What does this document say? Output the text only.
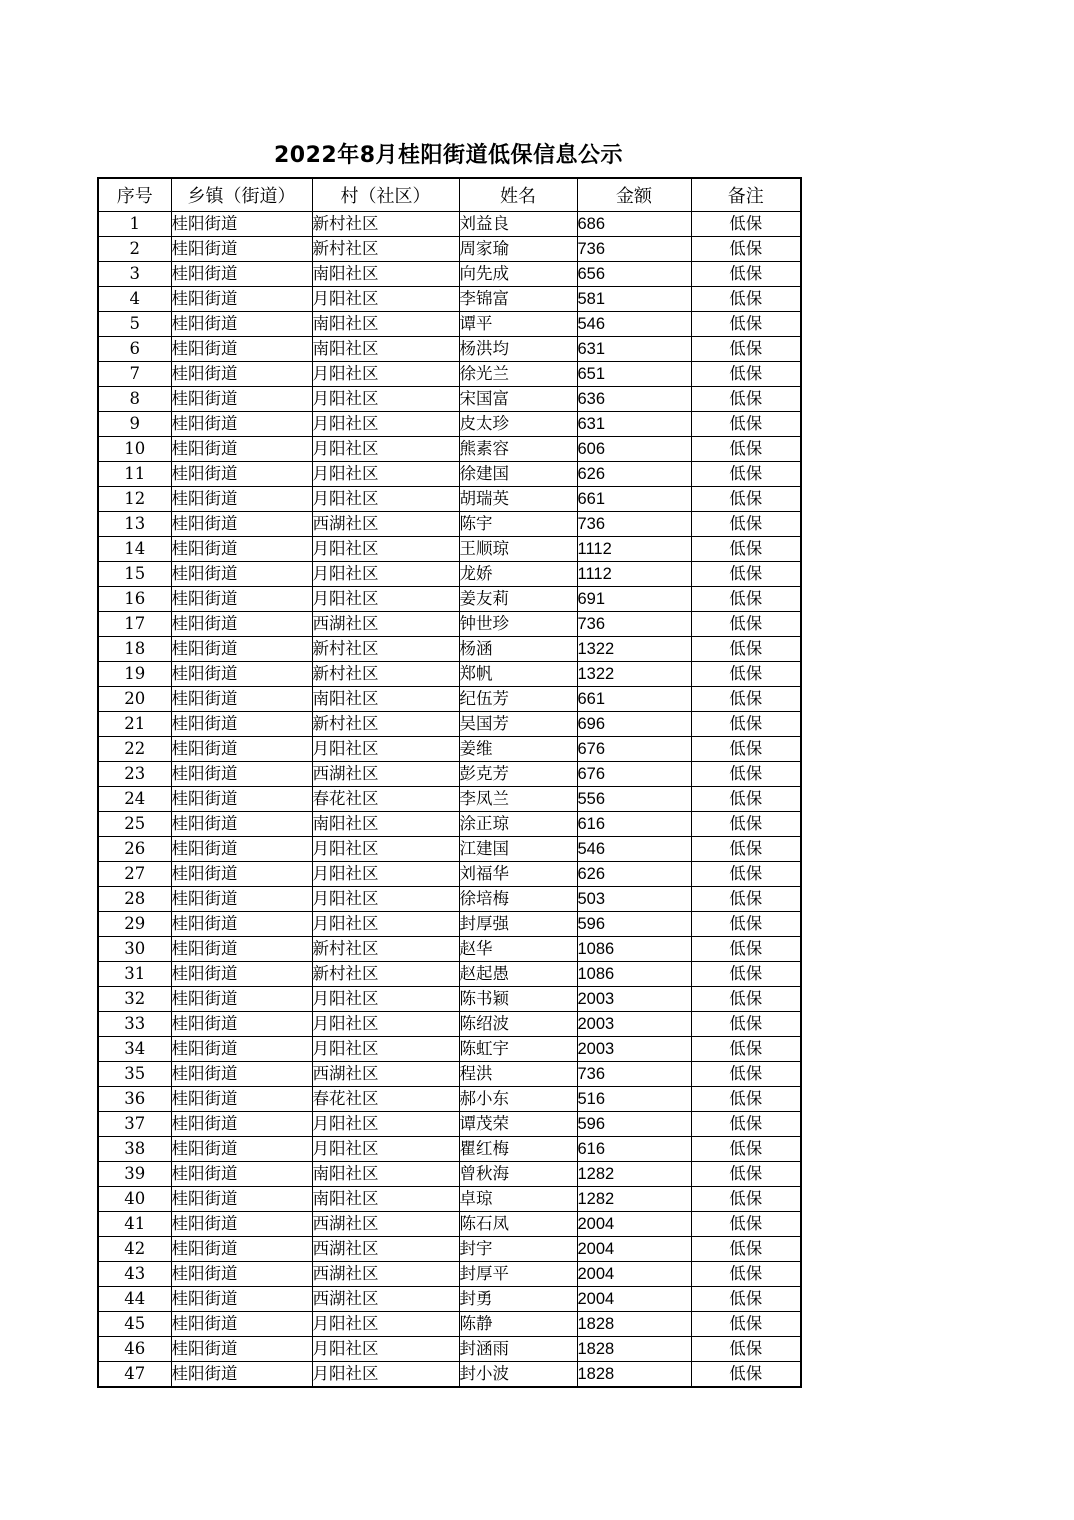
2022年8月桂阳街道低保信息公示
序号	乡镇（街道）	村（社区）	姓名	金额	备注
1	桂阳街道	新村社区	刘益良	686	低保
2	桂阳街道	新村社区	周家瑜	736	低保
3	桂阳街道	南阳社区	向先成	656	低保
4	桂阳街道	月阳社区	李锦富	581	低保
5	桂阳街道	南阳社区	谭平	546	低保
6	桂阳街道	南阳社区	杨洪均	631	低保
7	桂阳街道	月阳社区	徐光兰	651	低保
8	桂阳街道	月阳社区	宋国富	636	低保
9	桂阳街道	月阳社区	皮太珍	631	低保
10	桂阳街道	月阳社区	熊素容	606	低保
11	桂阳街道	月阳社区	徐建国	626	低保
12	桂阳街道	月阳社区	胡瑞英	661	低保
13	桂阳街道	西湖社区	陈宇	736	低保
14	桂阳街道	月阳社区	王顺琼	1112	低保
15	桂阳街道	月阳社区	龙娇	1112	低保
16	桂阳街道	月阳社区	姜友莉	691	低保
17	桂阳街道	西湖社区	钟世珍	736	低保
18	桂阳街道	新村社区	杨涵	1322	低保
19	桂阳街道	新村社区	郑帆	1322	低保
20	桂阳街道	南阳社区	纪伍芳	661	低保
21	桂阳街道	新村社区	吴国芳	696	低保
22	桂阳街道	月阳社区	姜维	676	低保
23	桂阳街道	西湖社区	彭克芳	676	低保
24	桂阳街道	春花社区	李凤兰	556	低保
25	桂阳街道	南阳社区	涂正琼	616	低保
26	桂阳街道	月阳社区	江建国	546	低保
27	桂阳街道	月阳社区	刘福华	626	低保
28	桂阳街道	月阳社区	徐培梅	503	低保
29	桂阳街道	月阳社区	封厚强	596	低保
30	桂阳街道	新村社区	赵华	1086	低保
31	桂阳街道	新村社区	赵起愚	1086	低保
32	桂阳街道	月阳社区	陈书颖	2003	低保
33	桂阳街道	月阳社区	陈绍波	2003	低保
34	桂阳街道	月阳社区	陈虹宇	2003	低保
35	桂阳街道	西湖社区	程洪	736	低保
36	桂阳街道	春花社区	郝小东	516	低保
37	桂阳街道	月阳社区	谭茂荣	596	低保
38	桂阳街道	月阳社区	瞿红梅	616	低保
39	桂阳街道	南阳社区	曾秋海	1282	低保
40	桂阳街道	南阳社区	卓琼	1282	低保
41	桂阳街道	西湖社区	陈石凤	2004	低保
42	桂阳街道	西湖社区	封宇	2004	低保
43	桂阳街道	西湖社区	封厚平	2004	低保
44	桂阳街道	西湖社区	封勇	2004	低保
45	桂阳街道	月阳社区	陈静	1828	低保
46	桂阳街道	月阳社区	封涵雨	1828	低保
47	桂阳街道	月阳社区	封小波	1828	低保
